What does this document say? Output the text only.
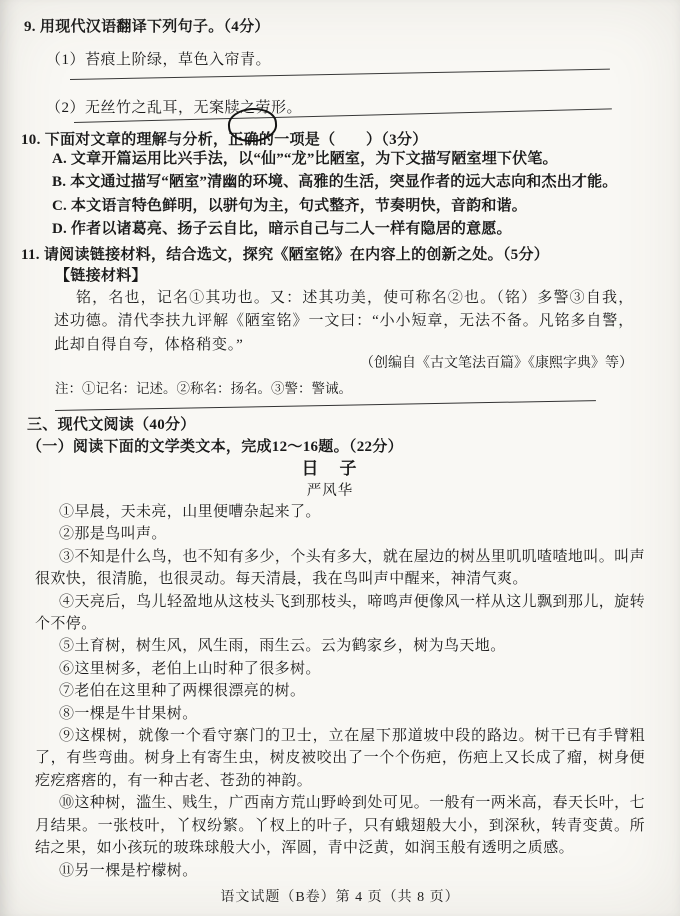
9. 用现代汉语翻译下列句子。（4分）
（1）苔痕上阶绿，草色入帘青。
（2）无丝竹之乱耳，无案牍之劳形。
10. 下面对文章的理解与分析，正确的一项是（　　）（3分）
A. 文章开篇运用比兴手法，以“仙”“龙”比陋室，为下文描写陋室埋下伏笔。
B. 本文通过描写“陋室”清幽的环境、高雅的生活，突显作者的远大志向和杰出才能。
C. 本文语言特色鲜明，以骈句为主，句式整齐，节奏明快，音韵和谐。
D. 作者以诸葛亮、扬子云自比，暗示自己与二人一样有隐居的意愿。
11. 请阅读链接材料，结合选文，探究《陋室铭》在内容上的创新之处。（5分）
【链接材料】
铭，名也，记名①其功也。又：述其功美，使可称名②也。（铭）多警③自我，述功德。清代李扶九评解《陋室铭》一文曰：“小小短章，无法不备。凡铭多自警，此却自得自夸，体格稍变。”
（创编自《古文笔法百篇》《康熙字典》等）
注：①记名：记述。②称名：扬名。③警：警诫。
三、现代文阅读（40分）
（一）阅读下面的文学类文本，完成12～16题。（22分）
日　子
严风华

①早晨，天未亮，山里便嘈杂起来了。

②那是鸟叫声。

③不知是什么鸟，也不知有多少，个头有多大，就在屋边的树丛里叽叽喳喳地叫。叫声很欢快，很清脆，也很灵动。每天清晨，我在鸟叫声中醒来，神清气爽。

④天亮后，鸟儿轻盈地从这枝头飞到那枝头，啼鸣声便像风一样从这儿飘到那儿，旋转个不停。

⑤土育树，树生风，风生雨，雨生云。云为鹤家乡，树为鸟天地。

⑥这里树多，老伯上山时种了很多树。

⑦老伯在这里种了两棵很漂亮的树。

⑧一棵是牛甘果树。

⑨这棵树，就像一个看守寨门的卫士，立在屋下那道坡中段的路边。树干已有手臂粗了，有些弯曲。树身上有寄生虫，树皮被咬出了一个个伤疤，伤疤上又长成了瘤，树身便疙疙瘩瘩的，有一种古老、苍劲的神韵。

⑩这种树，滥生、贱生，广西南方荒山野岭到处可见。一般有一两米高，春天长叶，七月结果。一张枝叶，丫杈纷繁。丫杈上的叶子，只有蛾翅般大小，到深秋，转青变黄。所结之果，如小孩玩的玻珠球般大小，浑圆，青中泛黄，如润玉般有透明之质感。

⑪另一棵是柠檬树。

语文试题（B卷）第 4 页（共 8 页）
